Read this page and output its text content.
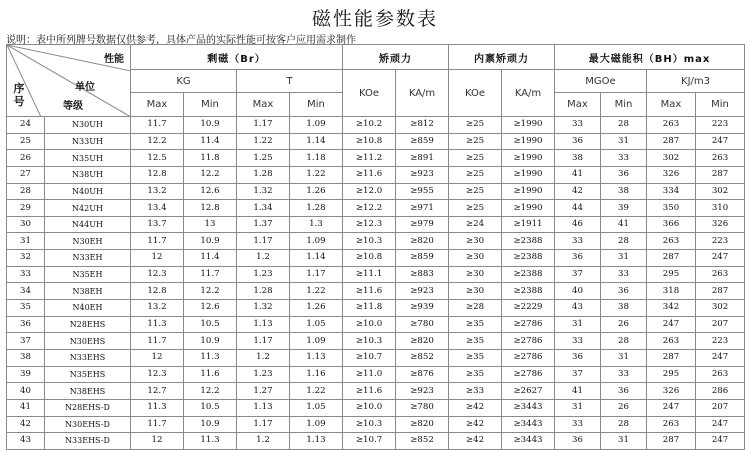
磁性能参数表
说明：表中所列牌号数据仅供参考，具体产品的实际性能可按客户应用需求制作
性能
单位
序号 等级		剩磁（Br）				矫顽力		内禀矫顽力		最大磁能积（BH）max			
		KG		T		KOe	KA/m	KOe	KA/m	MGOe		KJ/m3	
		Max	Min	Max	Min					Max	Min	Max	Min
24	N30UH	11.7	10.9	1.17	1.09	≥10.2	≥812	≥25	≥1990	33	28	263	223
25	N33UH	12.2	11.4	1.22	1.14	≥10.8	≥859	≥25	≥1990	36	31	287	247
26	N35UH	12.5	11.8	1.25	1.18	≥11.2	≥891	≥25	≥1990	38	33	302	263
27	N38UH	12.8	12.2	1.28	1.22	≥11.6	≥923	≥25	≥1990	41	36	326	287
28	N40UH	13.2	12.6	1.32	1.26	≥12.0	≥955	≥25	≥1990	42	38	334	302
29	N42UH	13.4	12.8	1.34	1.28	≥12.2	≥971	≥25	≥1990	44	39	350	310
30	N44UH	13.7	13	1.37	1.3	≥12.3	≥979	≥24	≥1911	46	41	366	326
31	N30EH	11.7	10.9	1.17	1.09	≥10.3	≥820	≥30	≥2388	33	28	263	223
32	N33EH	12	11.4	1.2	1.14	≥10.8	≥859	≥30	≥2388	36	31	287	247
33	N35EH	12.3	11.7	1.23	1.17	≥11.1	≥883	≥30	≥2388	37	33	295	263
34	N38EH	12.8	12.2	1.28	1.22	≥11.6	≥923	≥30	≥2388	40	36	318	287
35	N40EH	13.2	12.6	1.32	1.26	≥11.8	≥939	≥28	≥2229	43	38	342	302
36	N28EHS	11.3	10.5	1.13	1.05	≥10.0	≥780	≥35	≥2786	31	26	247	207
37	N30EHS	11.7	10.9	1.17	1.09	≥10.3	≥820	≥35	≥2786	33	28	263	223
38	N33EHS	12	11.3	1.2	1.13	≥10.7	≥852	≥35	≥2786	36	31	287	247
39	N35EHS	12.3	11.6	1.23	1.16	≥11.0	≥876	≥35	≥2786	37	33	295	263
40	N38EHS	12.7	12.2	1.27	1.22	≥11.6	≥923	≥33	≥2627	41	36	326	286
41	N28EHS-D	11.3	10.5	1.13	1.05	≥10.0	≥780	≥42	≥3443	31	26	247	207
42	N30EHS-D	11.7	10.9	1.17	1.09	≥10.3	≥820	≥42	≥3443	33	28	263	247
43	N33EHS-D	12	11.3	1.2	1.13	≥10.7	≥852	≥42	≥3443	36	31	287	247
